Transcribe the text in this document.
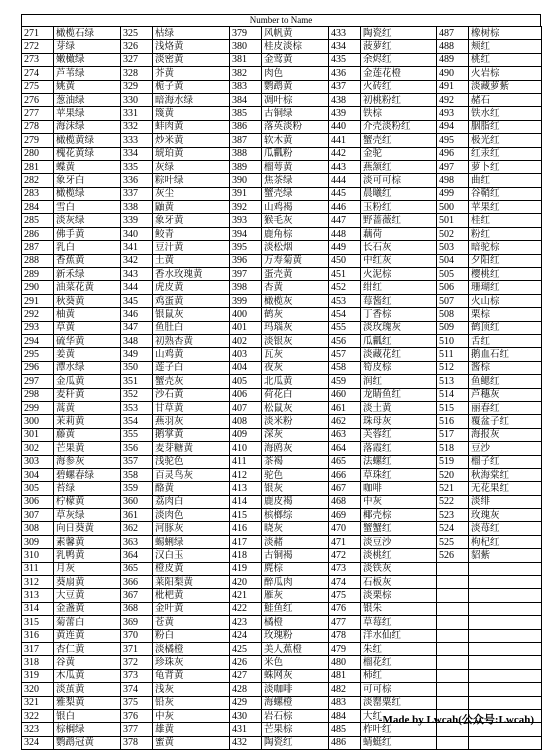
Number to Name
271	橄榄石绿	325	枯绿	379	风帆黄	433	陶瓷红	487	橡树棕
272	芽绿	326	浅烙黄	380	桂皮淡棕	434	菠萝红	488	颊红
273	嫩橄绿	327	淡密黄	381	金莺黄	435	余烬红	489	桃红
274	芦苇绿	328	芥黄	382	肉色	436	金莲花橙	490	火岩棕
275	姚黄	329	栀子黄	383	鹦鹉黄	437	火砖红	491	淡藏萝紫
276	葱油绿	330	暗海水绿	384	凋叶棕	438	初桃粉红	492	赭石
277	苹果绿	331	篾黄	385	古铜绿	439	铁棕	493	铁水红
278	海沫绿	332	蚌肉黄	386	落英淡粉	440	介壳淡粉红	494	胭脂红
279	橄榄黄绿	333	炒米黄	387	软木黄	441	蟹壳红	495	极光红
280	槐花黄绿	334	琥珀黄	388	瓜瓤粉	442	金驼	496	红汞红
281	蝶黄	335	灰绿	389	榴萼黄	443	燕颔红	497	萝卜红
282	象牙白	336	粽叶绿	390	焦茶绿	444	淡可可棕	498	曲红
283	橄榄绿	337	灰尘	391	蟹壳绿	445	晨曦红	499	谷鞘红
284	雪白	338	鼬黄	392	山鸡褐	446	玉粉红	500	苹果红
285	淡灰绿	339	象牙黄	393	猴毛灰	447	野蔷薇红	501	桂红
286	佛手黄	340	鲛青	394	鹿角棕	448	藕荷	502	粉红
287	乳白	341	豆汁黄	395	淡松烟	449	长石灰	503	暗驼棕
288	香蕉黄	342	土黄	396	万寿菊黄	450	中红灰	504	夕阳红
289	新禾绿	343	香水玫瑰黄	397	蛋壳黄	451	火泥棕	505	樱桃红
290	油菜花黄	344	虎皮黄	398	杏黄	452	绀红	506	珊瑚红
291	秋葵黄	345	鸡蛋黄	399	橄榄灰	453	莓酱红	507	火山棕
292	柚黄	346	银鼠灰	400	鹤灰	454	丁香棕	508	栗棕
293	草黄	347	鱼肚白	401	玛瑙灰	455	淡玫瑰灰	509	鹤顶红
294	硫华黄	348	初熟杏黄	402	淡银灰	456	瓜瓤红	510	舌红
295	姜黄	349	山鸡黄	403	瓦灰	457	淡藏花红	511	鹅血石红
296	潭水绿	350	莲子白	404	夜灰	458	筍皮棕	512	酱棕
297	金瓜黄	351	蟹壳灰	405	北瓜黄	459	润红	513	鱼鳃红
298	麦秆黄	352	沙石黄	406	荷花白	460	龙睛鱼红	514	芦穗灰
299	蒿黄	353	甘草黄	407	松鼠灰	461	淡土黄	515	丽春红
300	茉莉黄	354	燕羽灰	408	淡米粉	462	珠母灰	516	覆盆子红
301	藤黄	355	鹅掌黄	409	深灰	463	芙蓉红	517	海报灰
302	芒果黄	356	麦芽糖黄	410	海鸥灰	464	落霞红	518	豆沙
303	海参灰	357	浅驼色	411	茶褐	465	法螺红	519	榴子红
304	碧螺春绿	358	百灵鸟灰	412	驼色	466	草珠红	520	秋海棠红
305	苔绿	359	酪黄	413	银灰	467	咖啡	521	无花果红
306	柠檬黄	360	荔肉白	414	鹿皮褐	468	中灰	522	淡绯
307	草灰绿	361	淡肉色	415	槟榔综	469	椰壳棕	523	玫瑰灰
308	向日葵黄	362	河豚灰	416	晓灰	470	蟹蟹红	524	淡苺红
309	素馨黄	363	蜴蜊绿	417	淡赭	471	淡豆沙	525	枸杞红
310	乳鸭黄	364	汉白玉	418	古铜褐	472	淡桃红	526	貂紫
311	月灰	365	橙皮黄	419	麂棕	473	淡铁灰		
312	葵扇黄	366	莱阳梨黄	420	醉瓜肉	474	石板灰		
313	大豆黄	367	枇杷黄	421	雁灰	475	淡栗棕		
314	金盏黄	368	金叶黄	422	鮭鱼红	476	银朱		
315	菊蕾白	369	苍黄	423	橘橙	477	草莓红		
316	黄连黄	370	粉白	424	玫瑰粉	478	洋水仙红		
317	杏仁黄	371	淡橘橙	425	美人蕉橙	479	朱红		
318	谷黄	372	珍珠灰	426	米色	480	榴花红		
319	木瓜黄	373	龟背黄	427	蛛网灰	481	柿红		
320	淡茧黄	374	浅灰	428	淡咖啡	482	可可棕		
321	雅梨黄	375	铅灰	429	海螺橙	483	淡罂粟红		
322	银白	376	中灰	430	岩石棕	484	大红		
323	棕榈绿	377	雄黄	431	芒果棕	485	柞叶红		
324	鹦鹉冠黄	378	蜜黄	432	陶瓷红	486	蜻蜓红		
-Made by Lwcah(公众号:Lwcah)
